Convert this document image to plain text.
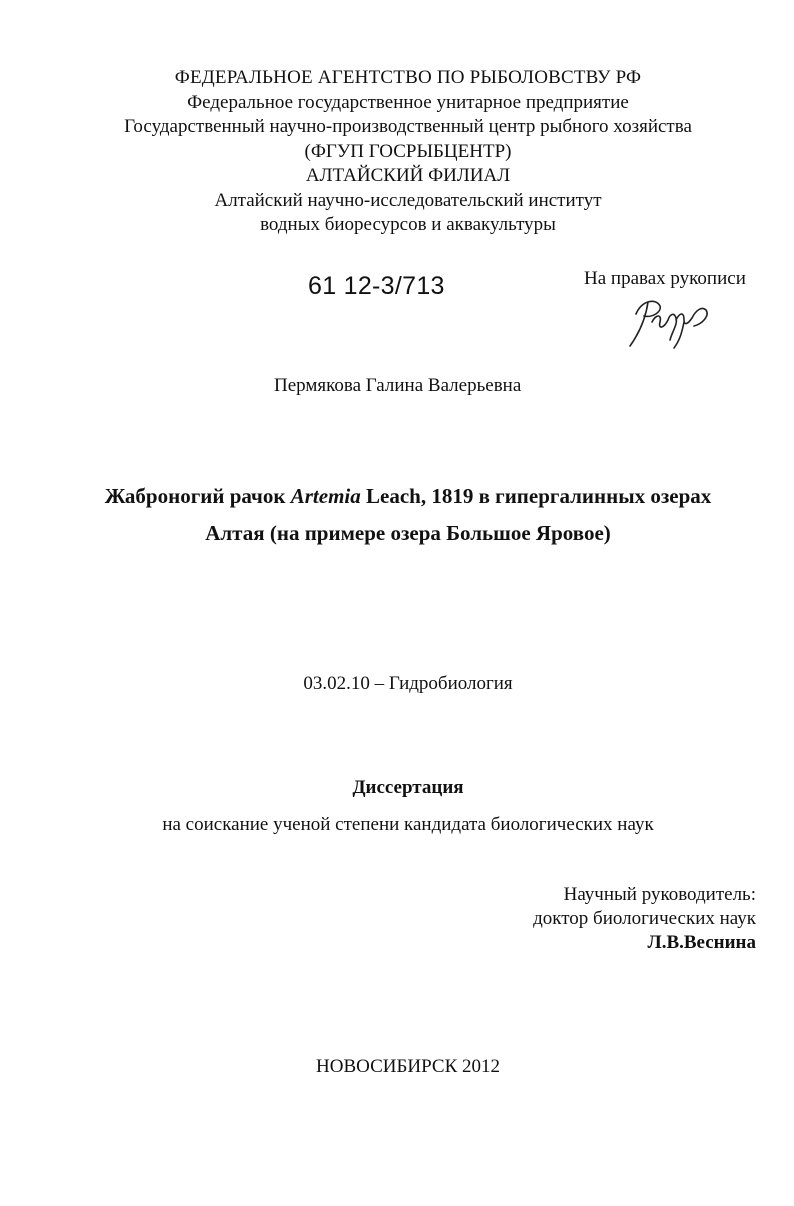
ФЕДЕРАЛЬНОЕ АГЕНТСТВО ПО РЫБОЛОВСТВУ РФ
Федеральное государственное унитарное предприятие
Государственный научно-производственный центр рыбного хозяйства
(ФГУП ГОСРЫБЦЕНТР)
АЛТАЙСКИЙ ФИЛИАЛ
Алтайский научно-исследовательский институт
водных биоресурсов и аквакультуры
61 12-3/713	На правах рукописи
Пермякова Галина Валерьевна
Жаброногий рачок Artemia Leach, 1819 в гипергалинных озерах
Алтая (на примере озера Большое Яровое)
03.02.10 – Гидробиология
Диссертация
на соискание ученой степени кандидата биологических наук
Научный руководитель:
доктор биологических наук
Л.В.Веснина
НОВОСИБИРСК 2012
